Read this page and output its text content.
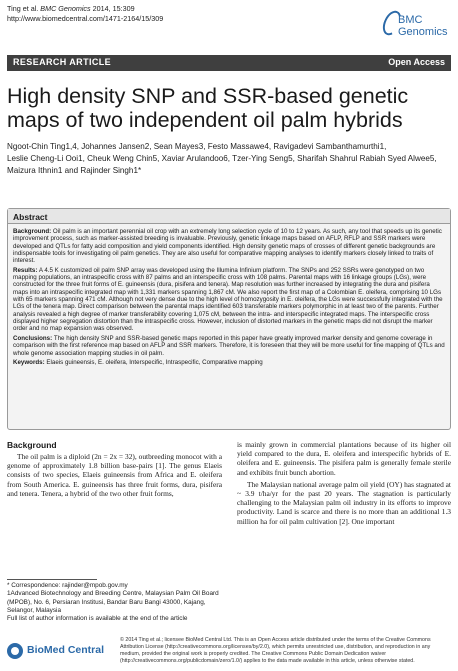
Ting et al. BMC Genomics 2014, 15:309
http://www.biomedcentral.com/1471-2164/15/309	BMC
Genomics
RESEARCH ARTICLE	Open Access
High density SNP and SSR-based genetic maps of two independent oil palm hybrids
Ngoot-Chin Ting1,4, Johannes Jansen2, Sean Mayes3, Festo Massawe4, Ravigadevi Sambanthamurthi1, Leslie Cheng-Li Ooi1, Cheuk Weng Chin5, Xaviar Arulandoo6, Tzer-Ying Seng5, Sharifah Shahrul Rabiah Syed Alwee5, Maizura Ithnin1 and Rajinder Singh1*
Abstract

Background: Oil palm is an important perennial oil crop with an extremely long selection cycle of 10 to 12 years. As such, any tool that speeds up its genetic improvement process, such as marker-assisted breeding is invaluable. Previously, genetic linkage maps based on AFLP, RFLP and SSR markers were developed and QTLs for fatty acid composition and yield components identified. High density genetic maps of crosses of different genetic backgrounds are indispensable tools for investigating oil palm genetics. They are also useful for comparative mapping analyses to identify markers closely linked to traits of interest.

Results: A 4.5 K customized oil palm SNP array was developed using the Illumina Infinium platform. The SNPs and 252 SSRs were genotyped on two mapping populations, an intraspecific cross with 87 palms and an interspecific cross with 108 palms. Parental maps with 16 linkage groups (LGs), were constructed for the three fruit forms of E. guineensis (dura, pisifera and tenera). Map resolution was further increased by integrating the dura and pisifera maps into an intraspecific integrated map with 1,331 markers spanning 1,867 cM. We also report the first map of a Colombian E. oleifera, comprising 10 LGs with 65 markers spanning 471 cM. Although not very dense due to the high level of homozygosity in E. oleifera, the LGs were successfully integrated with the LGs of the tenera map. Direct comparison between the parental maps identified 603 transferable markers polymorphic in at least two of the parents. Further analysis revealed a high degree of marker transferability covering 1,075 cM, between the intra- and interspecific integrated maps. The interspecific cross displayed higher segregation distortion than the intraspecific cross. However, inclusion of distorted markers in the genetic maps did not disrupt the marker order and no map expansion was observed.

Conclusions: The high density SNP and SSR-based genetic maps reported in this paper have greatly improved marker density and genome coverage in comparison with the first reference map based on AFLP and SSR markers. Therefore, it is foreseen that they will be more useful for fine mapping of QTLs and whole genome association mapping studies in oil palm.

Keywords: Elaeis guineensis, E. oleifera, Interspecific, Intraspecific, Comparative mapping

Background

The oil palm is a diploid (2n = 2x = 32), outbreeding monocot with a genome of approximately 1.8 billion base-pairs [1]. The genus Elaeis consists of two species, Elaeis guineensis from Africa and E. oleifera from South America. E. guineensis has three fruit forms, dura, pisifera and tenera. Tenera, a hybrid of the two other fruit forms,

is mainly grown in commercial plantations because of its higher oil yield compared to the dura, E. oleifera and interspecific hybrids of E. oleifera and E. guineensis. The pisifera palm is generally female sterile and exhibits fruit bunch abortion.

The Malaysian national average palm oil yield (OY) has stagnated at ~ 3.9 t/ha/yr for the past 20 years. The stagnation is particularly challenging to the Malaysian palm oil industry in its efforts to improve productivity. Land is scarce and there is no more than an additional 1.3 million ha for oil palm cultivation [2]. One important

BioMed Central
© 2014 Ting et al.; licensee BioMed Central Ltd. This is an Open Access article distributed under the terms of the Creative Commons Attribution License (http://creativecommons.org/licenses/by/2.0), which permits unrestricted use, distribution, and reproduction in any medium, provided the original work is properly credited. The Creative Commons Public Domain Dedication waiver (http://creativecommons.org/publicdomain/zero/1.0/) applies to the data made available in this article, unless otherwise stated.
* Correspondence: rajinder@mpob.gov.my
1Advanced Biotechnology and Breeding Centre, Malaysian Palm Oil Board (MPOB), No. 6, Persiaran Institusi, Bandar Baru Bangi 43000, Kajang, Selangor, Malaysia
Full list of author information is available at the end of the article
